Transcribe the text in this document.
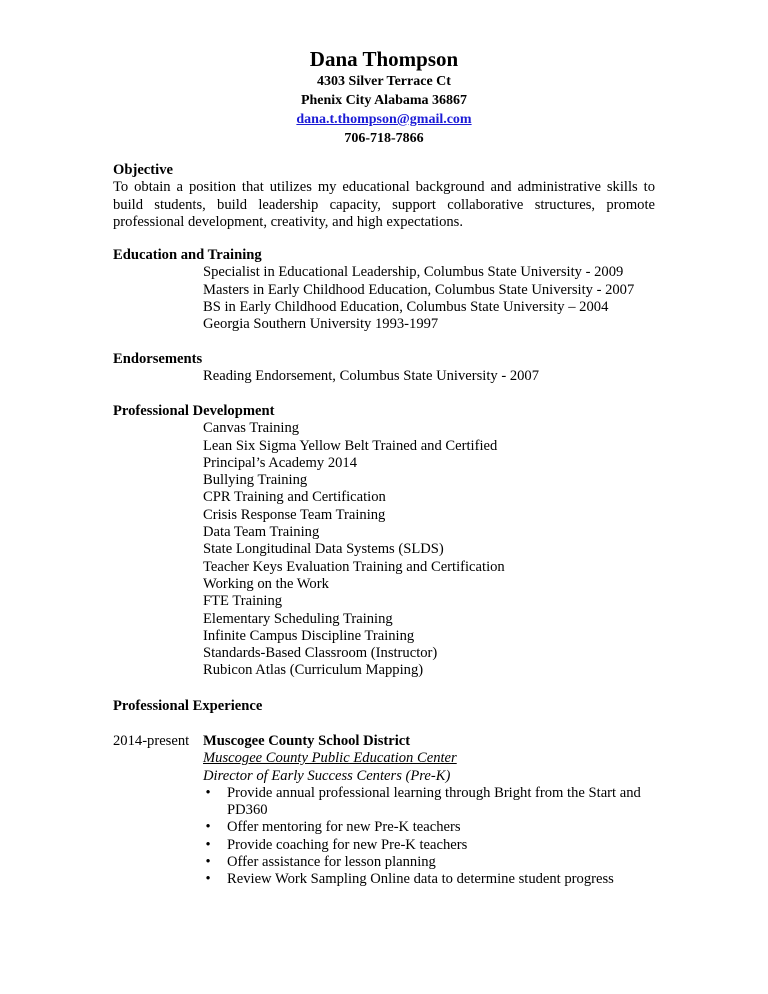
Dana Thompson
4303 Silver Terrace Ct
Phenix City Alabama 36867
dana.t.thompson@gmail.com
706-718-7866
Objective
To obtain a position that utilizes my educational background and administrative skills to build students, build leadership capacity, support collaborative structures, promote professional development, creativity, and high expectations.
Education and Training
Specialist in Educational Leadership, Columbus State University - 2009
Masters in Early Childhood Education, Columbus State University - 2007
BS in Early Childhood Education, Columbus State University – 2004
Georgia Southern University 1993-1997
Endorsements
Reading Endorsement, Columbus State University - 2007
Professional Development
Canvas Training
Lean Six Sigma Yellow Belt Trained and Certified
Principal’s Academy 2014
Bullying Training
CPR Training and Certification
Crisis Response Team Training
Data Team Training
State Longitudinal Data Systems (SLDS)
Teacher Keys Evaluation Training and Certification
Working on the Work
FTE Training
Elementary Scheduling Training
Infinite Campus Discipline Training
Standards-Based Classroom (Instructor)
Rubicon Atlas (Curriculum Mapping)
Professional Experience
2014-present Muscogee County School District
Muscogee County Public Education Center
Director of Early Success Centers (Pre-K)
• Provide annual professional learning through Bright from the Start and PD360
• Offer mentoring for new Pre-K teachers
• Provide coaching for new Pre-K teachers
• Offer assistance for lesson planning
• Review Work Sampling Online data to determine student progress
